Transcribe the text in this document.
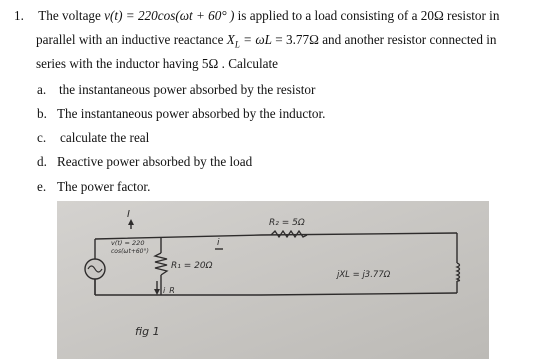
1. The voltage v(t) = 220cos(ωt + 60° ) is applied to a load consisting of a 20Ω resistor in
parallel with an inductive reactance $X_L = \omega L = 3.77\Omega$ and another resistor connected in
series with the inductor having 5Ω . Calculate
a. the instantaneous power absorbed by the resistor
b. The instantaneous power absorbed by the inductor.
c. calculate the real
d. Reactive power absorbed by the load
e. The power factor.
I
v(t) = 220
cos(ωt+60°)
R₁ = 20Ω
i_R
i
R₂ = 5Ω
jXL = j3.77Ω
fig 1
